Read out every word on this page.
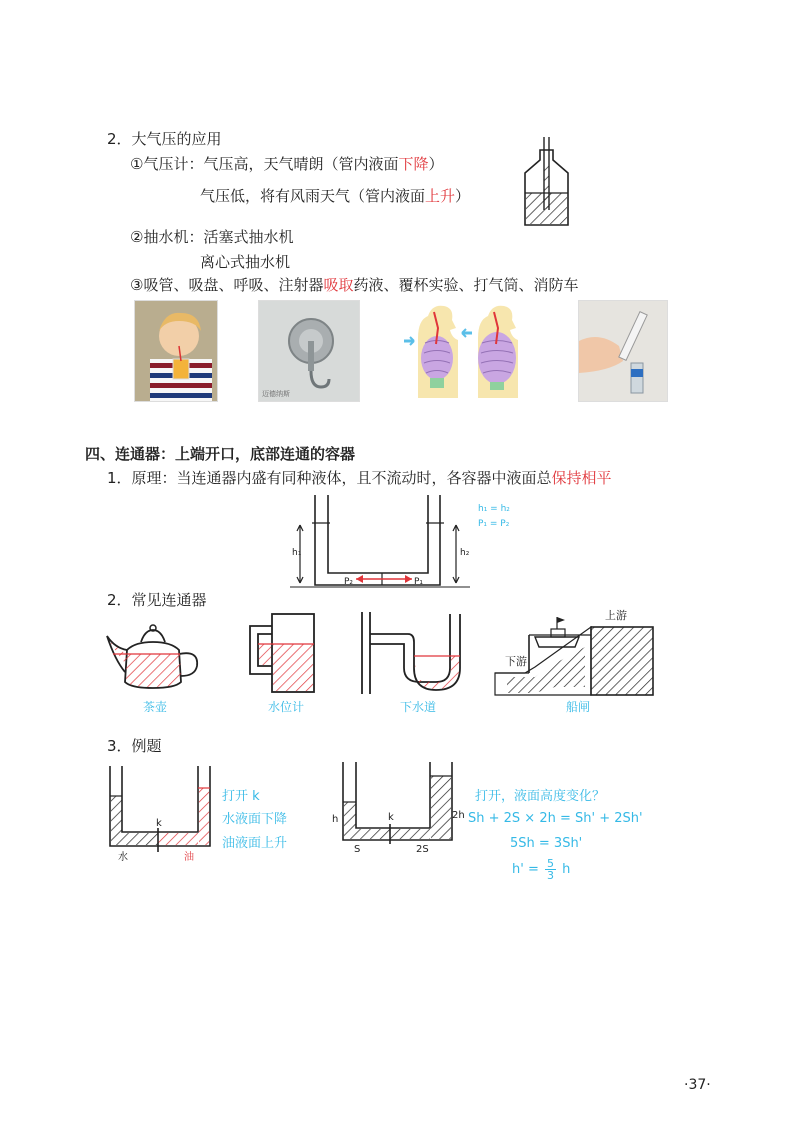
2．大气压的应用
①气压计：气压高，天气晴朗（管内液面下降）
气压低，将有风雨天气（管内液面上升）
②抽水机：活塞式抽水机
离心式抽水机
③吸管、吸盘、呼吸、注射器吸取药液、覆杯实验、打气筒、消防车
迈德纳斯
四、连通器：上端开口，底部连通的容器
1．原理：当连通器内盛有同种液体，且不流动时，各容器中液面总保持相平
h₁ = h₂
P₁ = P₂
h₁	h₂
P₂	P₁
2．常见连通器
上游
下游
茶壶	水位计	下水道	船闸
3．例题
k
水	油
打开 k
水液面下降
油液面上升
k
h	2h
S	2S
打开，液面高度变化？
Sh + 2S × 2h = Sh' + 2Sh'
5Sh = 3Sh'
$h' = \frac{5}{3}$ h
·37·
